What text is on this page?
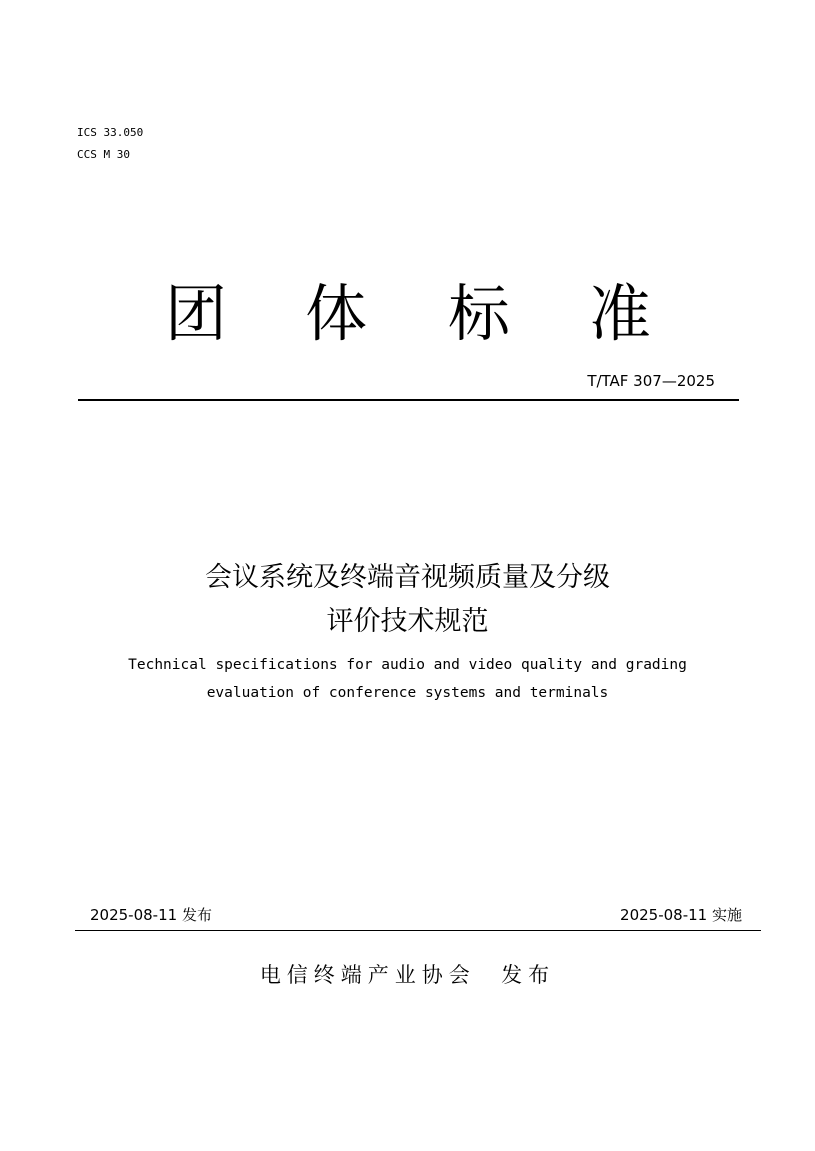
ICS 33.050
CCS M 30
团 体 标 准
T/TAF 307—2025
会议系统及终端音视频质量及分级
评价技术规范
Technical specifications for audio and video quality and grading
evaluation of conference systems and terminals
2025-08-11 发布	2025-08-11 实施
电信终端产业协会  发布
